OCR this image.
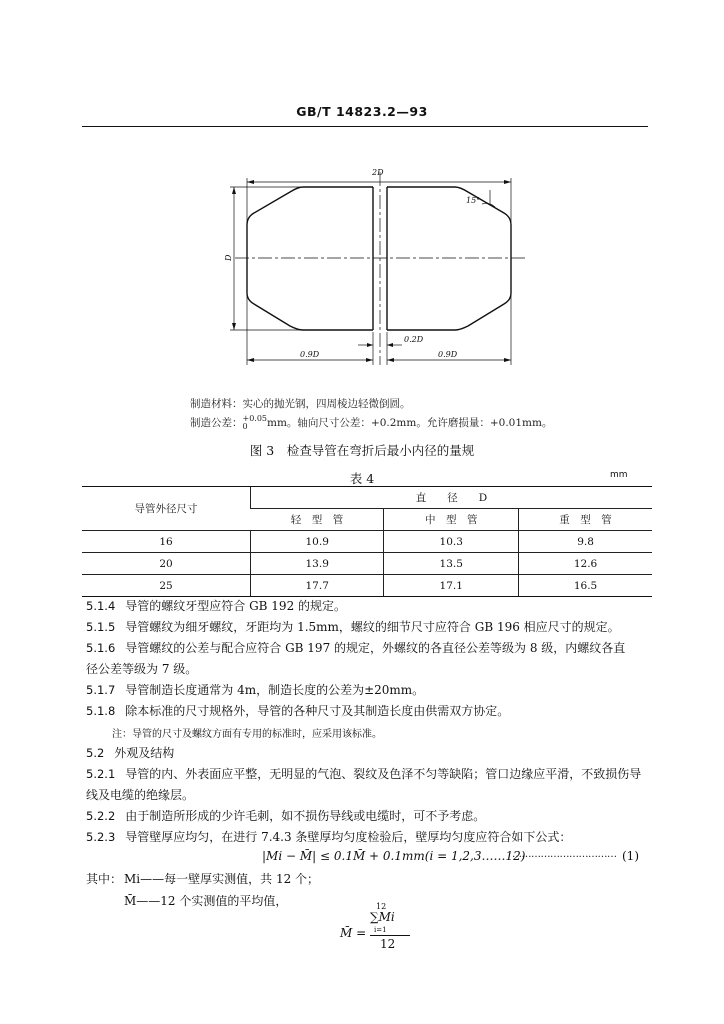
GB/T 14823.2—93
2D
D
15°
0.2D
0.9D	0.9D
制造材料：实心的抛光钢，四周棱边轻微倒圆。
制造公差：+0.05
0 mm。轴向尺寸公差：+0.2mm。允许磨损量：+0.01mm。
图 3　检查导管在弯折后最小内径的量规
表 4	mm
导管外径尺寸	直　　径　　D		
	轻　型　管	中　型　管	重　型　管
16	10.9	10.3	9.8
20	13.9	13.5	12.6
25	17.7	17.1	16.5
5.1.4 导管的螺纹牙型应符合 GB 192 的规定。
5.1.5 导管螺纹为细牙螺纹，牙距均为 1.5mm，螺纹的细节尺寸应符合 GB 196 相应尺寸的规定。
5.1.6 导管螺纹的公差与配合应符合 GB 197 的规定，外螺纹的各直径公差等级为 8 级，内螺纹各直
径公差等级为 7 级。
5.1.7 导管制造长度通常为 4m，制造长度的公差为±20mm。
5.1.8 除本标准的尺寸规格外，导管的各种尺寸及其制造长度由供需双方协定。
注：导管的尺寸及螺纹方面有专用的标准时，应采用该标准。
5.2 外观及结构
5.2.1 导管的内、外表面应平整，无明显的气泡、裂纹及色泽不匀等缺陷；管口边缘应平滑，不致损伤导
线及电缆的绝缘层。
5.2.2 由于制造所形成的少许毛刺，如不损伤导线或电缆时，可不予考虑。
5.2.3 导管壁厚应均匀，在进行 7.4.3 条壁厚均匀度检验后，壁厚均匀度应符合如下公式：
|Mi − M̄| ≤ 0.1M̄ + 0.1mm(i = 1,2,3……12)
…………………………… (1)
其中： Mi——每一壁厚实测值，共 12 个；
M̄——12 个实测值的平均值，
M̄ =
12
∑Mi
i=1
12
